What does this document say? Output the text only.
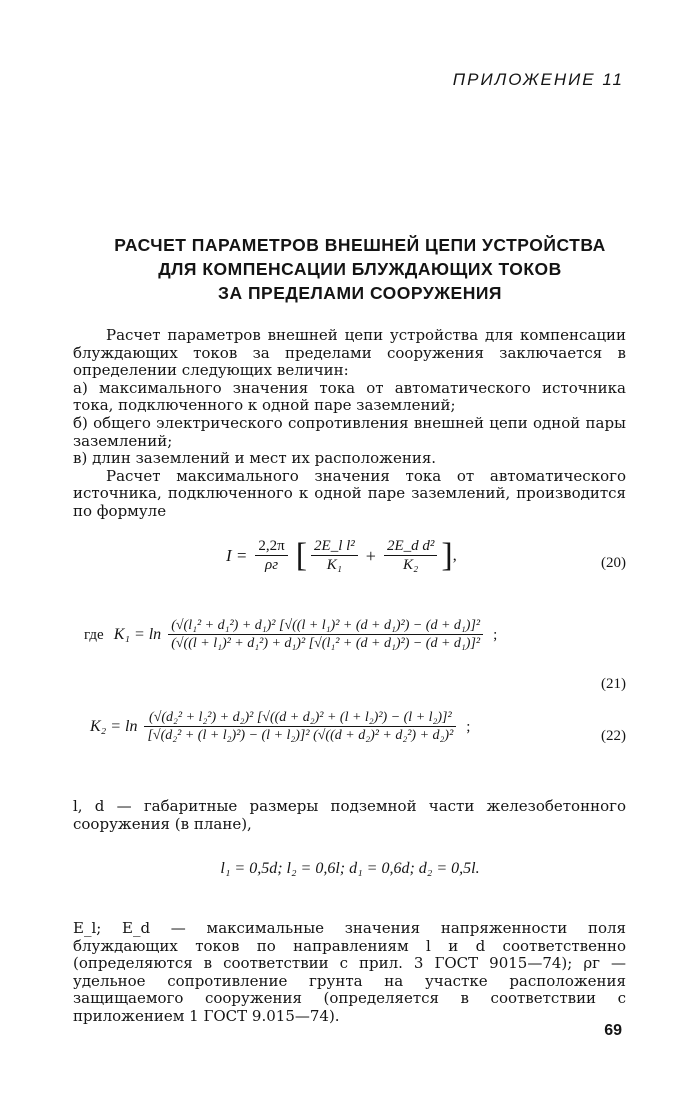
ПРИЛОЖЕНИЕ 11
РАСЧЕТ ПАРАМЕТРОВ ВНЕШНЕЙ ЦЕПИ УСТРОЙСТВА
ДЛЯ КОМПЕНСАЦИИ БЛУЖДАЮЩИХ ТОКОВ
ЗА ПРЕДЕЛАМИ СООРУЖЕНИЯ

Расчет параметров внешней цепи устройства для компенсации блуждающих токов за пределами сооружения заключается в определении следующих величин:

а) максимального значения тока от автоматического источника тока, подключенного к одной паре заземлений;

б) общего электрического сопротивления внешней цепи одной пары заземлений;

в) длин заземлений и мест их расположения.

Расчет максимального значения тока от автоматического источника, подключенного к одной паре заземлений, производится по формуле

$I = \frac{2,2\pi}{\rho г}$ [ $\frac{\text{2E\_l l²}}{\text{K₁}} + \frac{\text{2E\_d d²}}{\text{K₂}}$ ],	(20)
где $K_1 = \ln \frac{\text{(√(l₁² + d₁²) + d₁)² [√((l + l₁)² + (d + d₁)²) − (d + d₁)]²}}{\text{(√((l + l₁)² + d₁²) + d₁)² [√(l₁² + (d + d₁)²) − (d + d₁)]²}}$ ;
(21)
$K_2 = \ln \frac{\text{(√(d₂² + l₂²) + d₂)² [√((d + d₂)² + (l + l₂)²) − (l + l₂)]²}}{\text{[√(d₂² + (l + l₂)²) − (l + l₂)]² (√((d + d₂)² + d₂²) + d₂)²}}$ ;
(22)
l, d — габаритные размеры подземной части железобетонного сооружения (в плане),
l₁ = 0,5d; l₂ = 0,6l; d₁ = 0,6d; d₂ = 0,5l.
E_l; E_d — максимальные значения напряженности поля блуждающих токов по направлениям l и d соответственно (определяются в соответствии с прил. 3 ГОСТ 9015—74); ρг — удельное сопротивление грунта на участке расположения защищаемого сооружения (определяется в соответствии с приложением 1 ГОСТ 9.015—74).
69
